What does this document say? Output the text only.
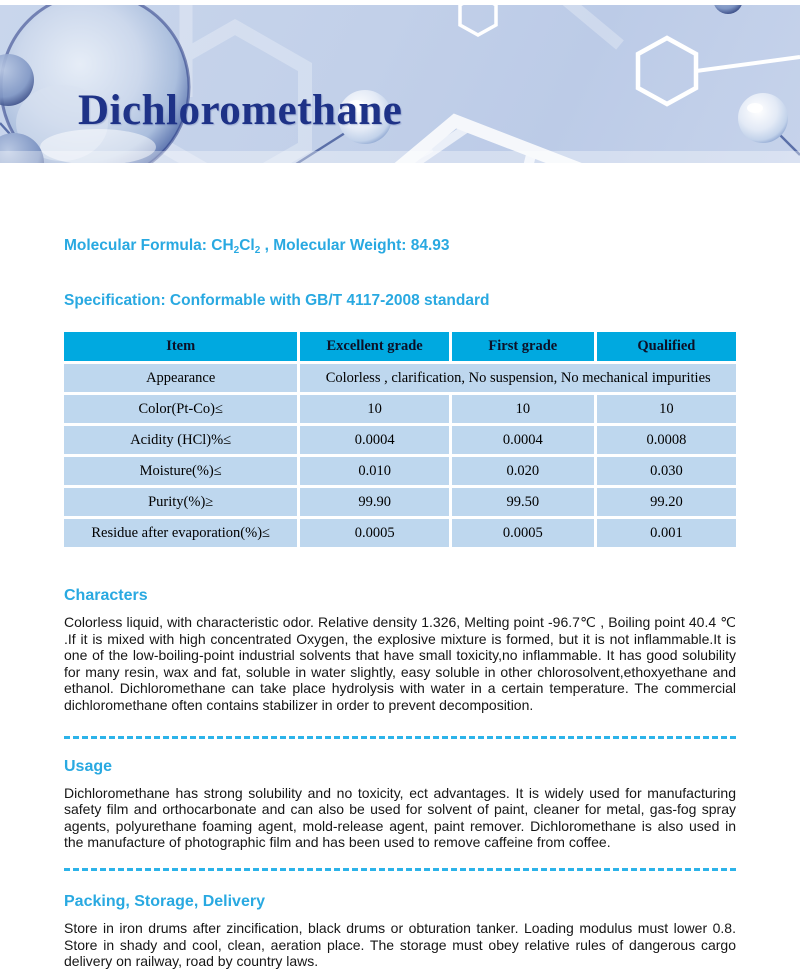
Dichloromethane

Molecular Formula: $CH_2Cl_2$ , Molecular Weight: 84.93

Specification: Conformable with GB/T 4117-2008 standard

Item	Excellent grade	First grade	Qualified
Appearance	Colorless , clarification, No suspension, No mechanical impurities		
Color(Pt-Co)≤	10	10	10
Acidity (HCl)%≤	0.0004	0.0004	0.0008
Moisture(%)≤	0.010	0.020	0.030
Purity(%)≥	99.90	99.50	99.20
Residue after evaporation(%)≤	0.0005	0.0005	0.001
Characters

Colorless liquid, with characteristic odor. Relative density 1.326, Melting point -96.7℃ , Boiling point 40.4 ℃ .If it is mixed with high concentrated Oxygen, the explosive mixture is formed, but it is not inflammable.It is one of the low-boiling-point industrial solvents that have small toxicity,no inflammable. It has good solubility for many resin, wax and fat, soluble in water slightly, easy soluble in other chlorosolvent,ethoxyethane and ethanol. Dichloromethane can take place hydrolysis with water in a certain temperature. The commercial dichloromethane often contains stabilizer in order to prevent decomposition.

Usage

Dichloromethane has strong solubility and no toxicity, ect advantages. It is widely used for manufacturing safety film and orthocarbonate and can also be used for solvent of paint, cleaner for metal, gas-fog spray agents, polyurethane foaming agent, mold-release agent, paint remover. Dichloromethane is also used in the manufacture of photographic film and has been used to remove caffeine from coffee.

Packing, Storage, Delivery

Store in iron drums after zincification, black drums or obturation tanker. Loading modulus must lower 0.8. Store in shady and cool, clean, aeration place. The storage must obey relative rules of dangerous cargo delivery on railway, road by country laws.
